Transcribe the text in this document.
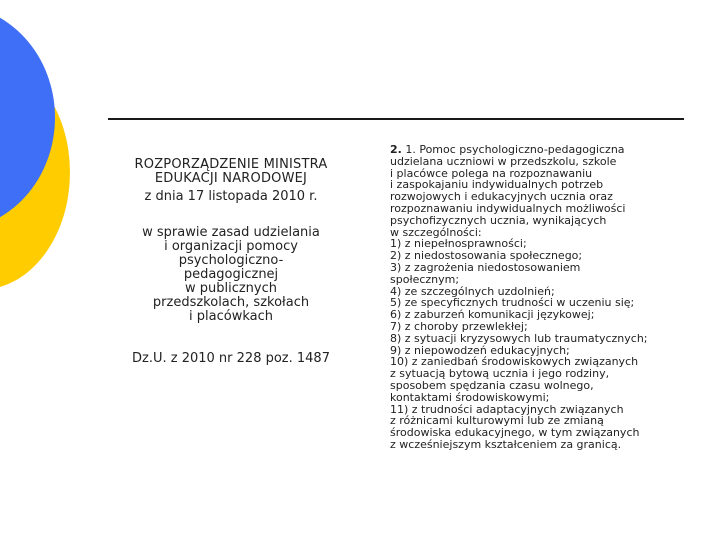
ROZPORZĄDZENIE MINISTRA
EDUKACJI NARODOWEJ
z dnia 17 listopada 2010 r.
w sprawie zasad udzielania
i organizacji pomocy
psychologiczno-
pedagogicznej
w publicznych
przedszkolach, szkołach
i placówkach
Dz.U. z 2010 nr 228 poz. 1487
2. 1. Pomoc psychologiczno-pedagogiczna
udzielana uczniowi w przedszkolu, szkole
i placówce polega na rozpoznawaniu
i zaspokajaniu indywidualnych potrzeb
rozwojowych i edukacyjnych ucznia oraz
rozpoznawaniu indywidualnych możliwości
psychofizycznych ucznia, wynikających
w szczególności:
1) z niepełnosprawności;
2) z niedostosowania społecznego;
3) z zagrożenia niedostosowaniem
społecznym;
4) ze szczególnych uzdolnień;
5) ze specyficznych trudności w uczeniu się;
6) z zaburzeń komunikacji językowej;
7) z choroby przewlekłej;
8) z sytuacji kryzysowych lub traumatycznych;
9) z niepowodzeń edukacyjnych;
10) z zaniedbań środowiskowych związanych
z sytuacją bytową ucznia i jego rodziny,
sposobem spędzania czasu wolnego,
kontaktami środowiskowymi;
11) z trudności adaptacyjnych związanych
z różnicami kulturowymi lub ze zmianą
środowiska edukacyjnego, w tym związanych
z wcześniejszym kształceniem za granicą.
